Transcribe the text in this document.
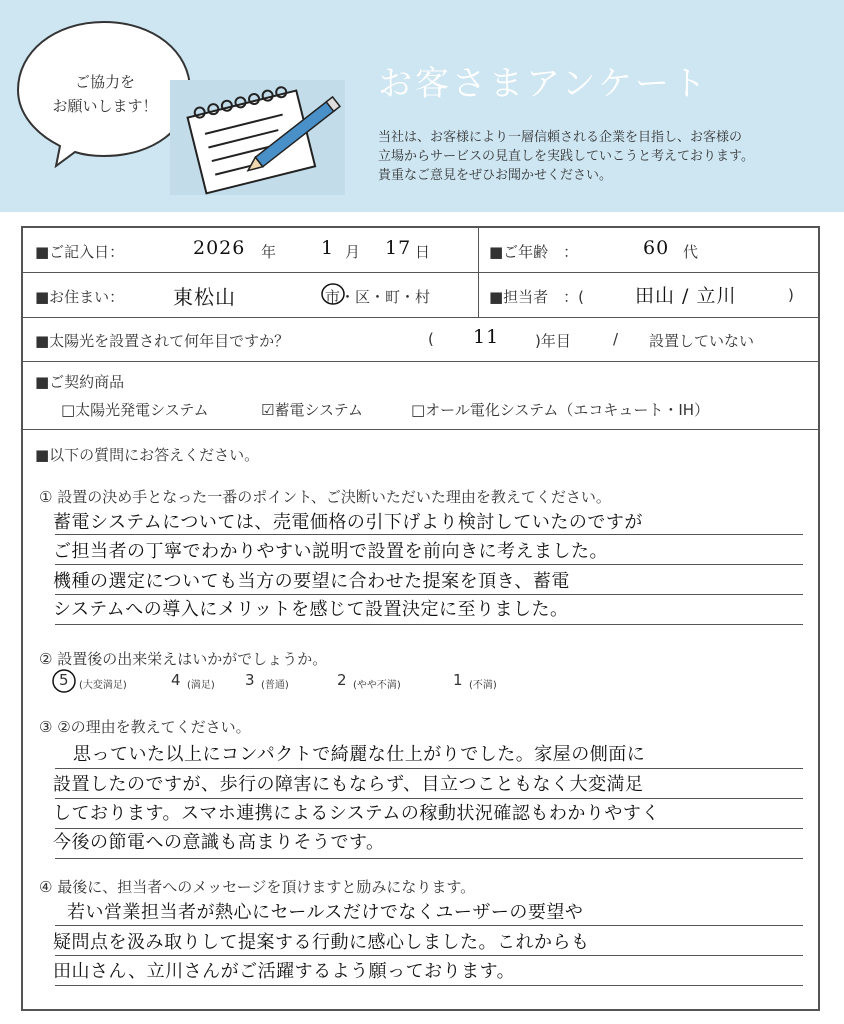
ご協力を
お願いします！
お客さまアンケート
当社は、お客様により一層信頼される企業を目指し、お客様の
立場からサービスの見直しを実践していこうと考えております。
貴重なご意見をぜひお聞かせください。
■ご記入日：	2026 年 1 月 17 日	■ご年齢　：	60 代
■お住まい： 東松山	市・区・町・村	■担当者　：(	田山 / 立川	)
■太陽光を設置されて何年目ですか？	( 11 )年目	/ 設置していない
■ご契約商品
□太陽光発電システム	☑蓄電システム	□オール電化システム（エコキュート・IH）
■以下の質問にお答えください。
① 設置の決め手となった一番のポイント、ご決断いただいた理由を教えてください。
蓄電システムについては、売電価格の引下げより検討していたのですが
ご担当者の丁寧でわかりやすい説明で設置を前向きに考えました。
機種の選定についても当方の要望に合わせた提案を頂き、蓄電
システムへの導入にメリットを感じて設置決定に至りました。
② 設置後の出来栄えはいかがでしょうか。
5 (大変満足)	4 (満足) 3 (普通)	2 (やや不満)	1 (不満)
③ ②の理由を教えてください。
思っていた以上にコンパクトで綺麗な仕上がりでした。家屋の側面に
設置したのですが、歩行の障害にもならず、目立つこともなく大変満足
しております。スマホ連携によるシステムの稼動状況確認もわかりやすく
今後の節電への意識も高まりそうです。
④ 最後に、担当者へのメッセージを頂けますと励みになります。
若い営業担当者が熱心にセールスだけでなくユーザーの要望や
疑問点を汲み取りして提案する行動に感心しました。これからも
田山さん、立川さんがご活躍するよう願っております。
